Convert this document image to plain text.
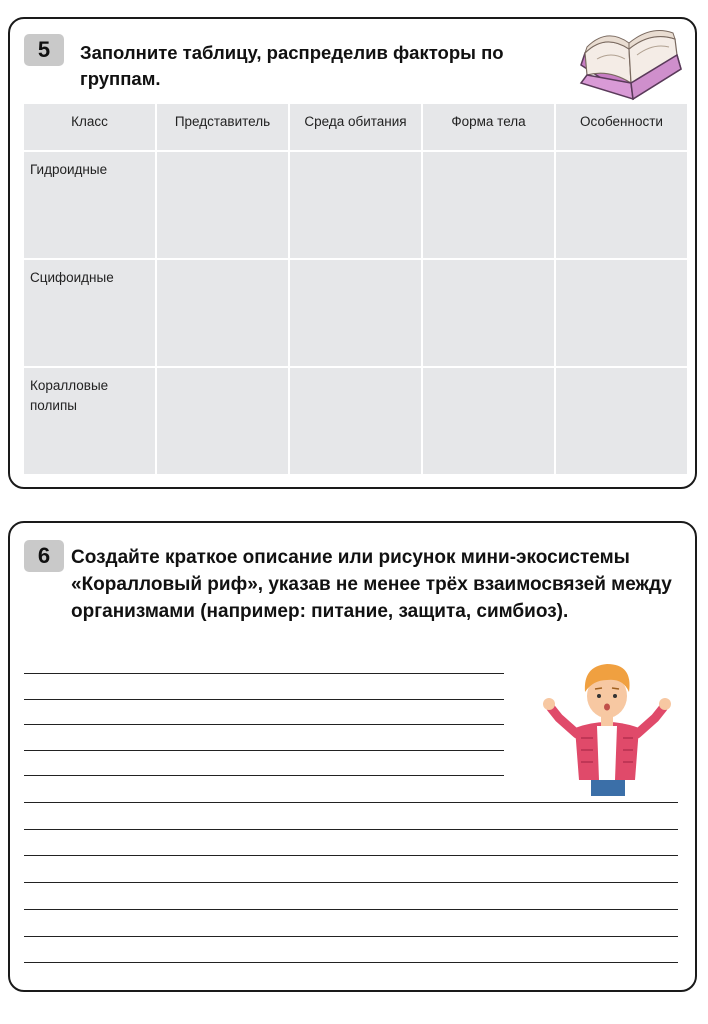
5	Заполните таблицу, распределив факторы по группам.
Класс	Представитель	Среда обитания	Форма тела	Особенности
Гидроидные				
Сцифоидные				
Коралловые полипы				
6	Создайте краткое описание или рисунок мини-экосистемы «Коралловый риф», указав не менее трёх взаимосвязей между организмами (например: питание, защита, симбиоз).
